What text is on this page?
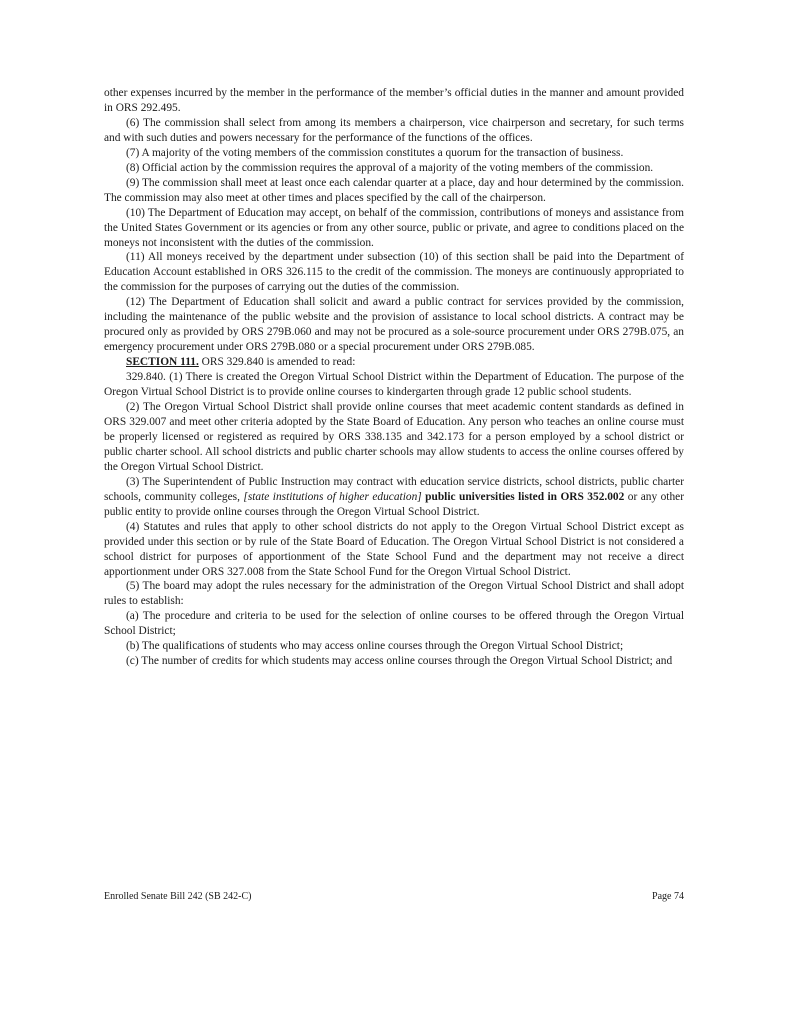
other expenses incurred by the member in the performance of the member’s official duties in the manner and amount provided in ORS 292.495.

(6) The commission shall select from among its members a chairperson, vice chairperson and secretary, for such terms and with such duties and powers necessary for the performance of the functions of the offices.

(7) A majority of the voting members of the commission constitutes a quorum for the transaction of business.

(8) Official action by the commission requires the approval of a majority of the voting members of the commission.

(9) The commission shall meet at least once each calendar quarter at a place, day and hour determined by the commission. The commission may also meet at other times and places specified by the call of the chairperson.

(10) The Department of Education may accept, on behalf of the commission, contributions of moneys and assistance from the United States Government or its agencies or from any other source, public or private, and agree to conditions placed on the moneys not inconsistent with the duties of the commission.

(11) All moneys received by the department under subsection (10) of this section shall be paid into the Department of Education Account established in ORS 326.115 to the credit of the commission. The moneys are continuously appropriated to the commission for the purposes of carrying out the duties of the commission.

(12) The Department of Education shall solicit and award a public contract for services provided by the commission, including the maintenance of the public website and the provision of assistance to local school districts. A contract may be procured only as provided by ORS 279B.060 and may not be procured as a sole-source procurement under ORS 279B.075, an emergency procurement under ORS 279B.080 or a special procurement under ORS 279B.085.

SECTION 111. ORS 329.840 is amended to read:

329.840. (1) There is created the Oregon Virtual School District within the Department of Education. The purpose of the Oregon Virtual School District is to provide online courses to kindergarten through grade 12 public school students.

(2) The Oregon Virtual School District shall provide online courses that meet academic content standards as defined in ORS 329.007 and meet other criteria adopted by the State Board of Education. Any person who teaches an online course must be properly licensed or registered as required by ORS 338.135 and 342.173 for a person employed by a school district or public charter school. All school districts and public charter schools may allow students to access the online courses offered by the Oregon Virtual School District.

(3) The Superintendent of Public Instruction may contract with education service districts, school districts, public charter schools, community colleges, [state institutions of higher education] public universities listed in ORS 352.002 or any other public entity to provide online courses through the Oregon Virtual School District.

(4) Statutes and rules that apply to other school districts do not apply to the Oregon Virtual School District except as provided under this section or by rule of the State Board of Education. The Oregon Virtual School District is not considered a school district for purposes of apportionment of the State School Fund and the department may not receive a direct apportionment under ORS 327.008 from the State School Fund for the Oregon Virtual School District.

(5) The board may adopt the rules necessary for the administration of the Oregon Virtual School District and shall adopt rules to establish:

(a) The procedure and criteria to be used for the selection of online courses to be offered through the Oregon Virtual School District;

(b) The qualifications of students who may access online courses through the Oregon Virtual School District;

(c) The number of credits for which students may access online courses through the Oregon Virtual School District; and

Enrolled Senate Bill 242 (SB 242-C)	Page 74
